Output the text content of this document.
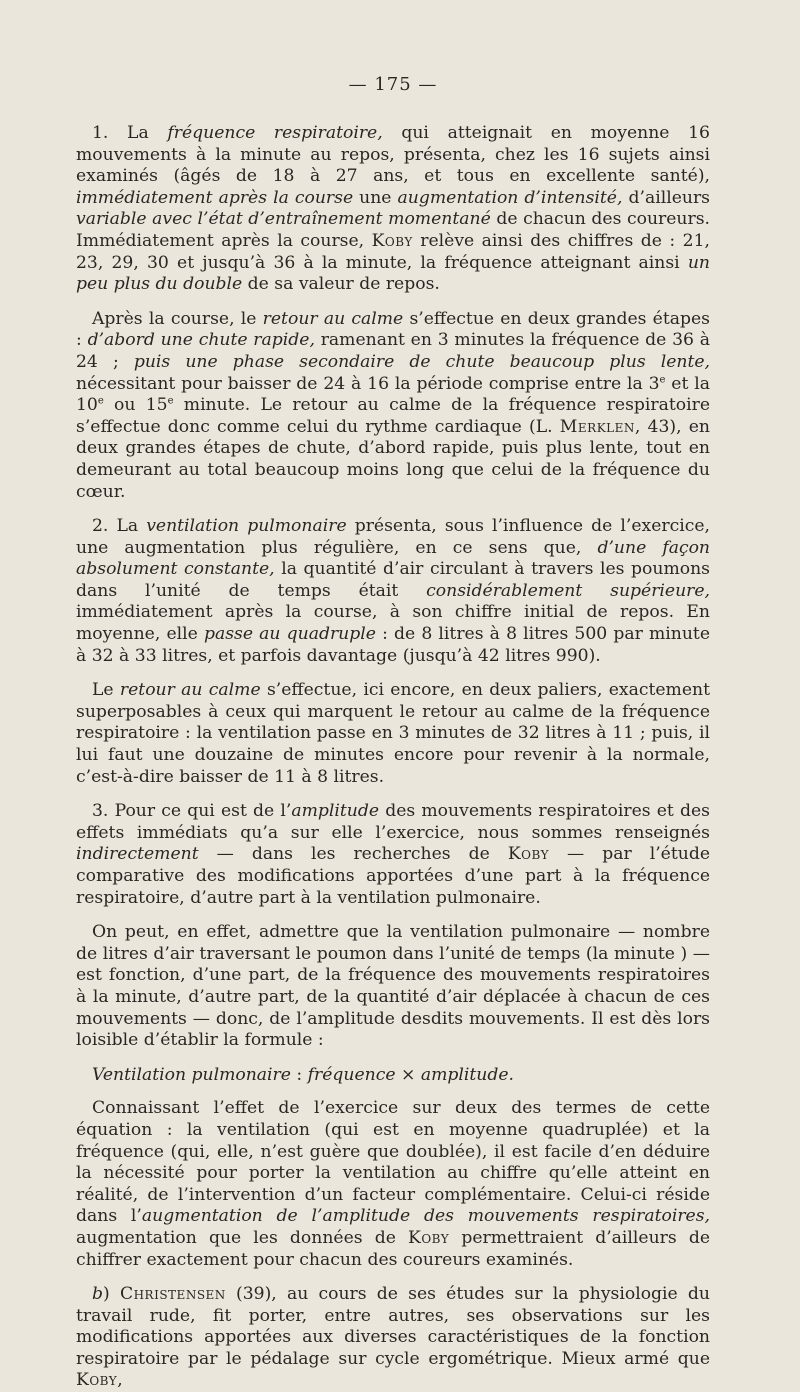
— 175 —

1. La fréquence respiratoire, qui atteignait en moyenne 16 mouvements à la minute au repos, présenta, chez les 16 sujets ainsi examinés (âgés de 18 à 27 ans, et tous en excellente santé), immédiatement après la course une augmentation d’intensité, d’ailleurs variable avec l’état d’entraînement momentané de chacun des coureurs. Immédiatement après la course, Koby relève ainsi des chiffres de : 21, 23, 29, 30 et jusqu’à 36 à la minute, la fréquence atteignant ainsi un peu plus du double de sa valeur de repos.

Après la course, le retour au calme s’effectue en deux grandes étapes : d’abord une chute rapide, ramenant en 3 minutes la fréquence de 36 à 24 ; puis une phase secondaire de chute beaucoup plus lente, nécessitant pour baisser de 24 à 16 la période comprise entre la 3e et la 10e ou 15e minute. Le retour au calme de la fréquence respiratoire s’effectue donc comme celui du rythme cardiaque (L. Merklen, 43), en deux grandes étapes de chute, d’abord rapide, puis plus lente, tout en demeurant au total beaucoup moins long que celui de la fréquence du cœur.

2. La ventilation pulmonaire présenta, sous l’influence de l’exercice, une augmentation plus régulière, en ce sens que, d’une façon absolument constante, la quantité d’air circulant à travers les poumons dans l’unité de temps était considérablement supérieure, immédiatement après la course, à son chiffre initial de repos. En moyenne, elle passe au quadruple : de 8 litres à 8 litres 500 par minute à 32 à 33 litres, et parfois davantage (jusqu’à 42 litres 990).

Le retour au calme s’effectue, ici encore, en deux paliers, exactement superposables à ceux qui marquent le retour au calme de la fréquence respiratoire : la ventilation passe en 3 minutes de 32 litres à 11 ; puis, il lui faut une douzaine de minutes encore pour revenir à la normale, c’est-à-dire baisser de 11 à 8 litres.

3. Pour ce qui est de l’amplitude des mouvements respiratoires et des effets immédiats qu’a sur elle l’exercice, nous sommes renseignés indirectement — dans les recherches de Koby — par l’étude comparative des modifications apportées d’une part à la fréquence respiratoire, d’autre part à la ventilation pulmonaire.

On peut, en effet, admettre que la ventilation pulmonaire — nombre de litres d’air traversant le poumon dans l’unité de temps (la minute ) — est fonction, d’une part, de la fréquence des mouvements respiratoires à la minute, d’autre part, de la quantité d’air déplacée à chacun de ces mouvements — donc, de l’amplitude desdits mouvements. Il est dès lors loisible d’établir la formule :

Ventilation pulmonaire : fréquence × amplitude.

Connaissant l’effet de l’exercice sur deux des termes de cette équation : la ventilation (qui est en moyenne quadruplée) et la fréquence (qui, elle, n’est guère que doublée), il est facile d’en déduire la nécessité pour porter la ventilation au chiffre qu’elle atteint en réalité, de l’intervention d’un facteur complémentaire. Celui-ci réside dans l’augmentation de l’amplitude des mouvements respiratoires, augmentation que les données de Koby permettraient d’ailleurs de chiffrer exactement pour chacun des coureurs examinés.

b) Christensen (39), au cours de ses études sur la physiologie du travail rude, fit porter, entre autres, ses observations sur les modifications apportées aux diverses caractéristiques de la fonction respiratoire par le pédalage sur cycle ergométrique. Mieux armé que Koby,
